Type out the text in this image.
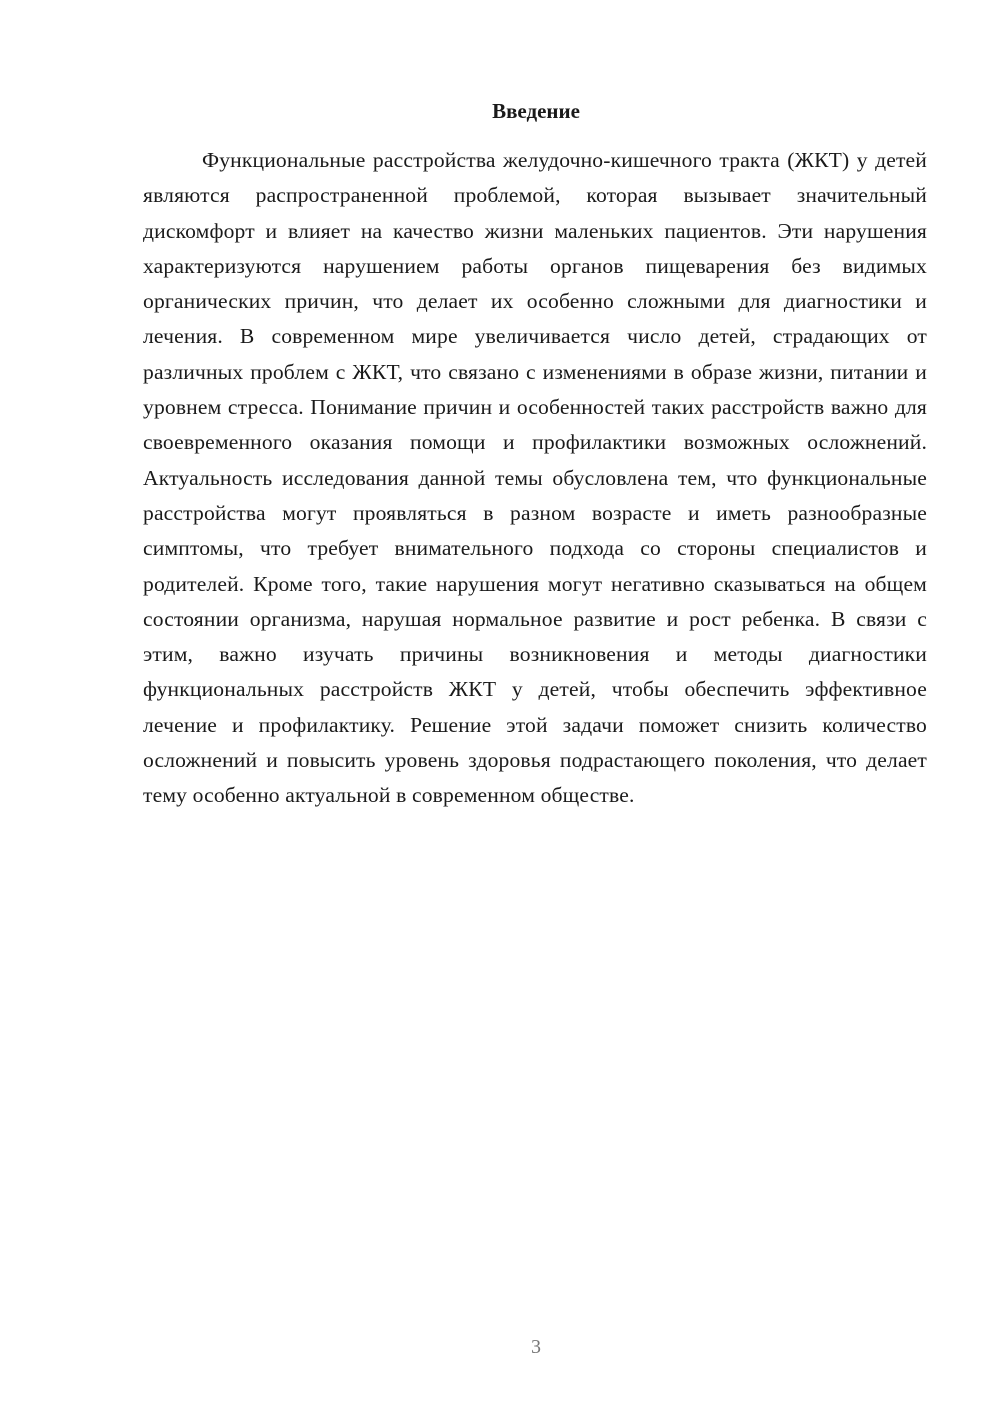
Введение

Функциональные расстройства желудочно-кишечного тракта (ЖКТ) у детей являются распространенной проблемой, которая вызывает значительный дискомфорт и влияет на качество жизни маленьких пациентов. Эти нарушения характеризуются нарушением работы органов пищеварения без видимых органических причин, что делает их особенно сложными для диагностики и лечения. В современном мире увеличивается число детей, страдающих от различных проблем с ЖКТ, что связано с изменениями в образе жизни, питании и уровнем стресса. Понимание причин и особенностей таких расстройств важно для своевременного оказания помощи и профилактики возможных осложнений. Актуальность исследования данной темы обусловлена тем, что функциональные расстройства могут проявляться в разном возрасте и иметь разнообразные симптомы, что требует внимательного подхода со стороны специалистов и родителей. Кроме того, такие нарушения могут негативно сказываться на общем состоянии организма, нарушая нормальное развитие и рост ребенка. В связи с этим, важно изучать причины возникновения и методы диагностики функциональных расстройств ЖКТ у детей, чтобы обеспечить эффективное лечение и профилактику. Решение этой задачи поможет снизить количество осложнений и повысить уровень здоровья подрастающего поколения, что делает тему особенно актуальной в современном обществе.

3
